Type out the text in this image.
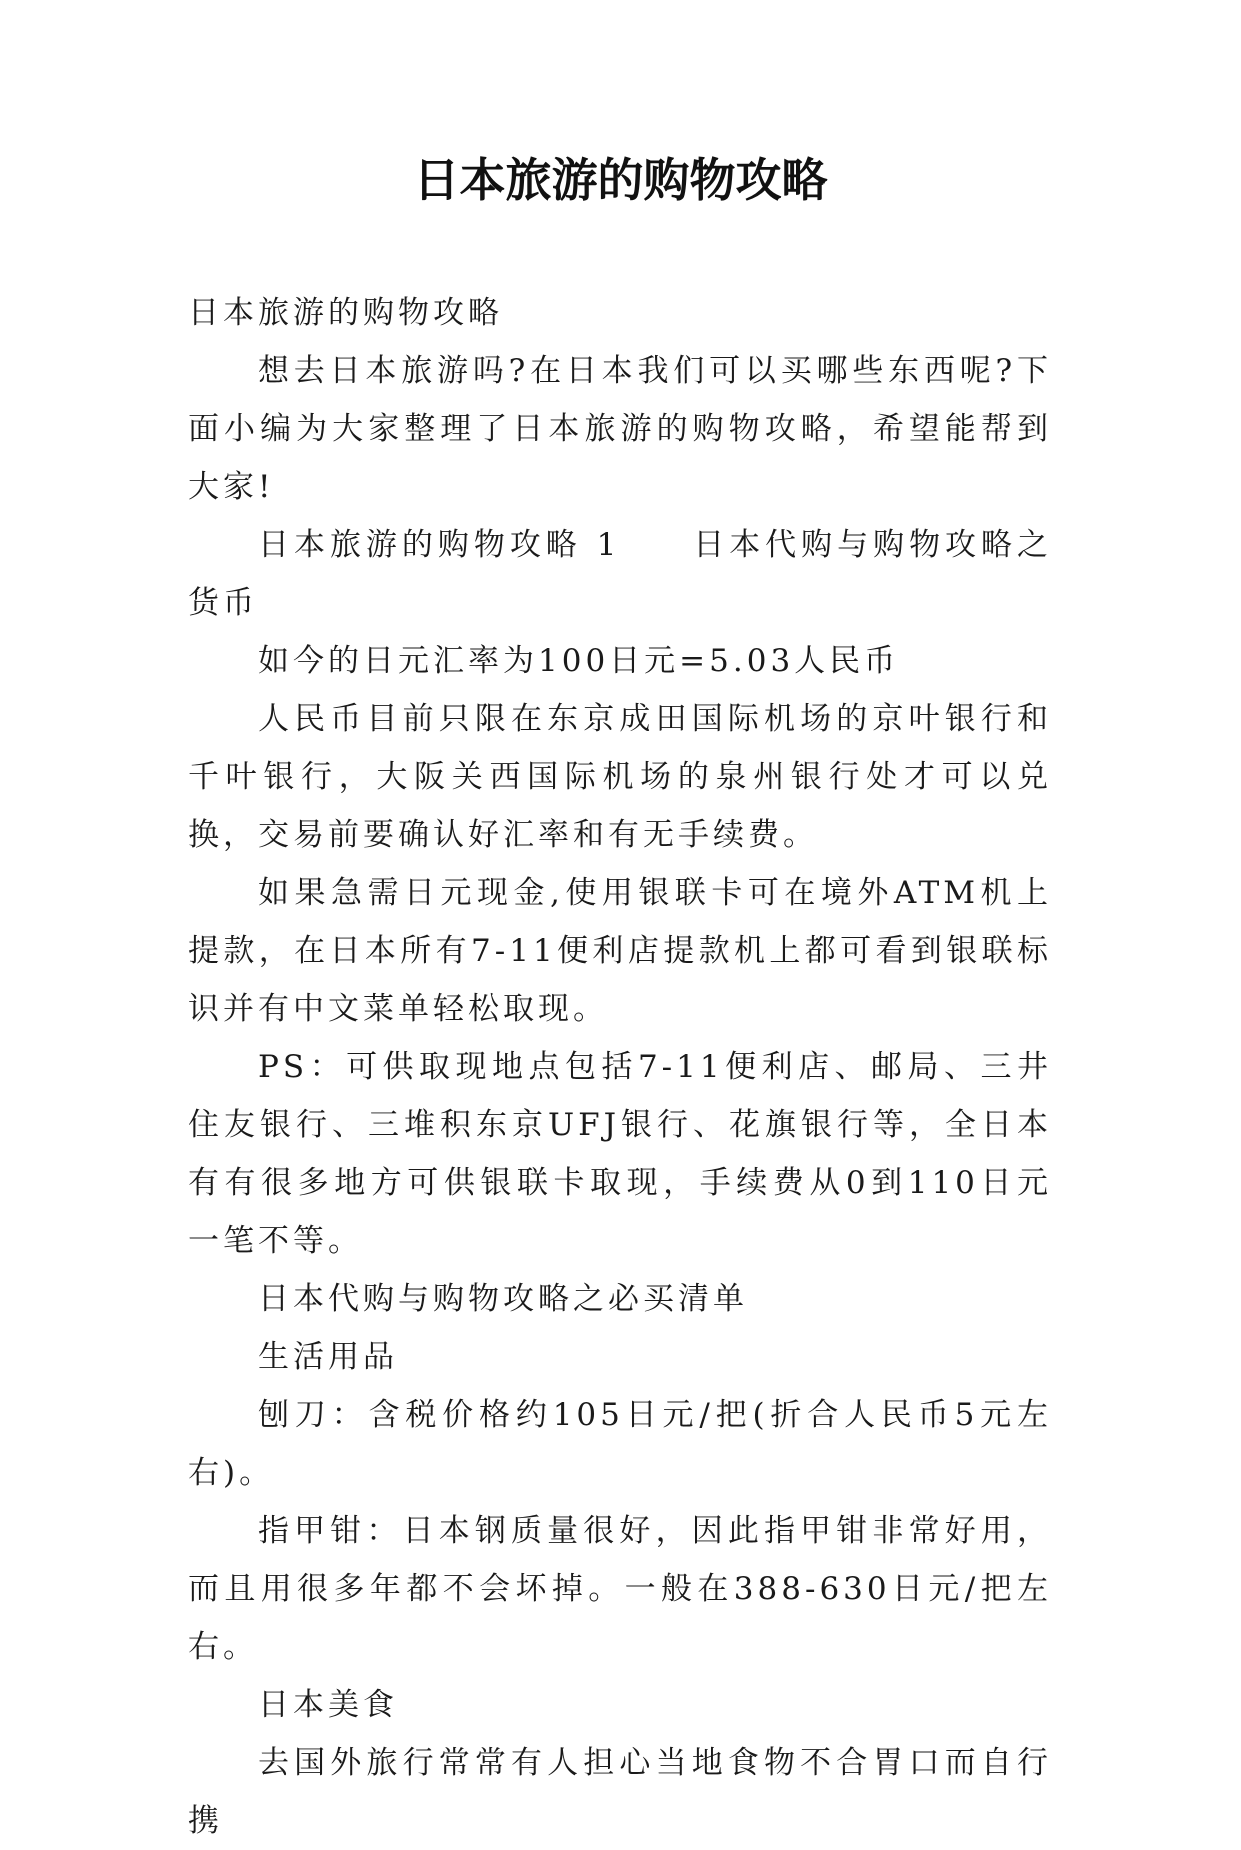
日本旅游的购物攻略

日本旅游的购物攻略

想去日本旅游吗?在日本我们可以买哪些东西呢?下面小编为大家整理了日本旅游的购物攻略，希望能帮到大家!

日本旅游的购物攻略 1　　日本代购与购物攻略之货币

如今的日元汇率为100日元=5.03人民币

人民币目前只限在东京成田国际机场的京叶银行和千叶银行，大阪关西国际机场的泉州银行处才可以兑换，交易前要确认好汇率和有无手续费。

如果急需日元现金,使用银联卡可在境外ATM机上提款，在日本所有7-11便利店提款机上都可看到银联标识并有中文菜单轻松取现。

PS：可供取现地点包括7-11便利店、邮局、三井住友银行、三堆积东京UFJ银行、花旗银行等，全日本有有很多地方可供银联卡取现，手续费从0到110日元一笔不等。

日本代购与购物攻略之必买清单

生活用品

刨刀：含税价格约105日元/把(折合人民币5元左右)。

指甲钳：日本钢质量很好，因此指甲钳非常好用，而且用很多年都不会坏掉。一般在388-630日元/把左右。

日本美食

去国外旅行常常有人担心当地食物不合胃口而自行携
